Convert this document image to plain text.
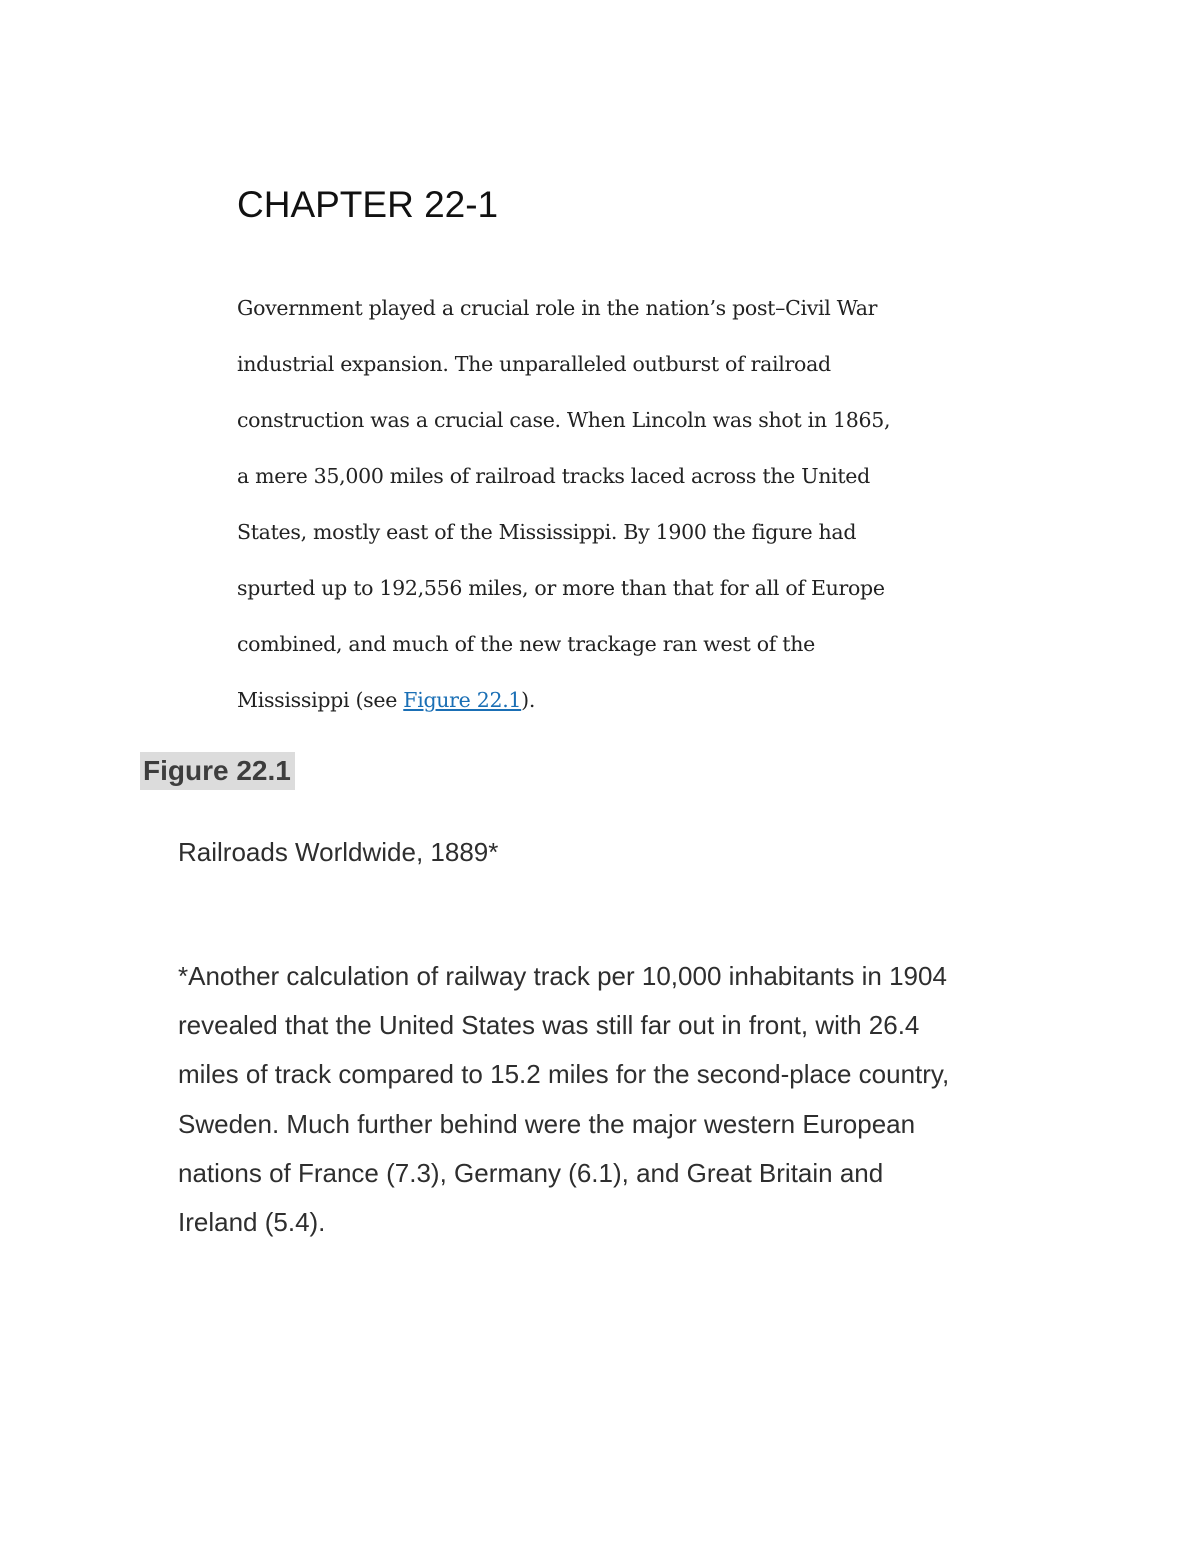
CHAPTER 22-1
Government played a crucial role in the nation’s post–Civil War
industrial expansion. The unparalleled outburst of railroad
construction was a crucial case. When Lincoln was shot in 1865,
a mere 35,000 miles of railroad tracks laced across the United
States, mostly east of the Mississippi. By 1900 the figure had
spurted up to 192,556 miles, or more than that for all of Europe
combined, and much of the new trackage ran west of the
Mississippi (see Figure 22.1).
Figure 22.1

Railroads Worldwide, 1889*

*Another calculation of railway track per 10,000 inhabitants in 1904
revealed that the United States was still far out in front, with 26.4
miles of track compared to 15.2 miles for the second-place country,
Sweden. Much further behind were the major western European
nations of France (7.3), Germany (6.1), and Great Britain and
Ireland (5.4).
